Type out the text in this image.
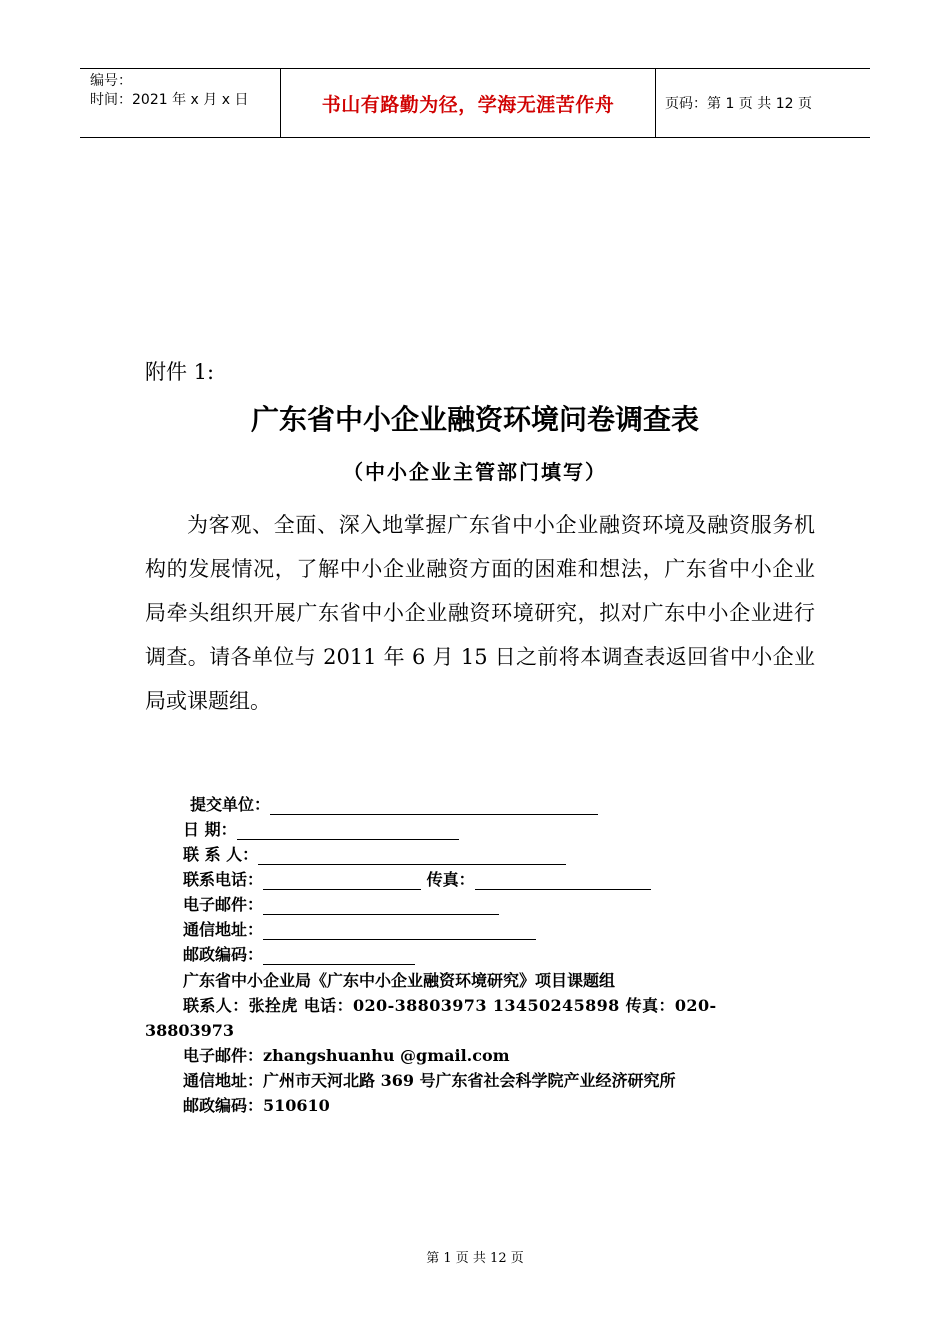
编号：
时间：2021 年 x 月 x 日	书山有路勤为径，学海无涯苦作舟	页码：第 1 页 共 12 页
附件 1:
广东省中小企业融资环境问卷调查表
（中小企业主管部门填写）

为客观、全面、深入地掌握广东省中小企业融资环境及融资服务机构的发展情况，了解中小企业融资方面的困难和想法，广东省中小企业局牵头组织开展广东省中小企业融资环境研究，拟对广东中小企业进行调查。请各单位与 2011 年 6 月 15 日之前将本调查表返回省中小企业局或课题组。

提交单位：
日 期：
联 系 人：
联系电话：	传真：
电子邮件：
通信地址：
邮政编码：
广东省中小企业局《广东中小企业融资环境研究》项目课题组
联系人：张拴虎 电话：020-38803973 13450245898 传真：020-
38803973
电子邮件：zhangshuanhu @gmail.com
通信地址：广州市天河北路 369 号广东省社会科学院产业经济研究所
邮政编码：510610
第 1 页 共 12 页
